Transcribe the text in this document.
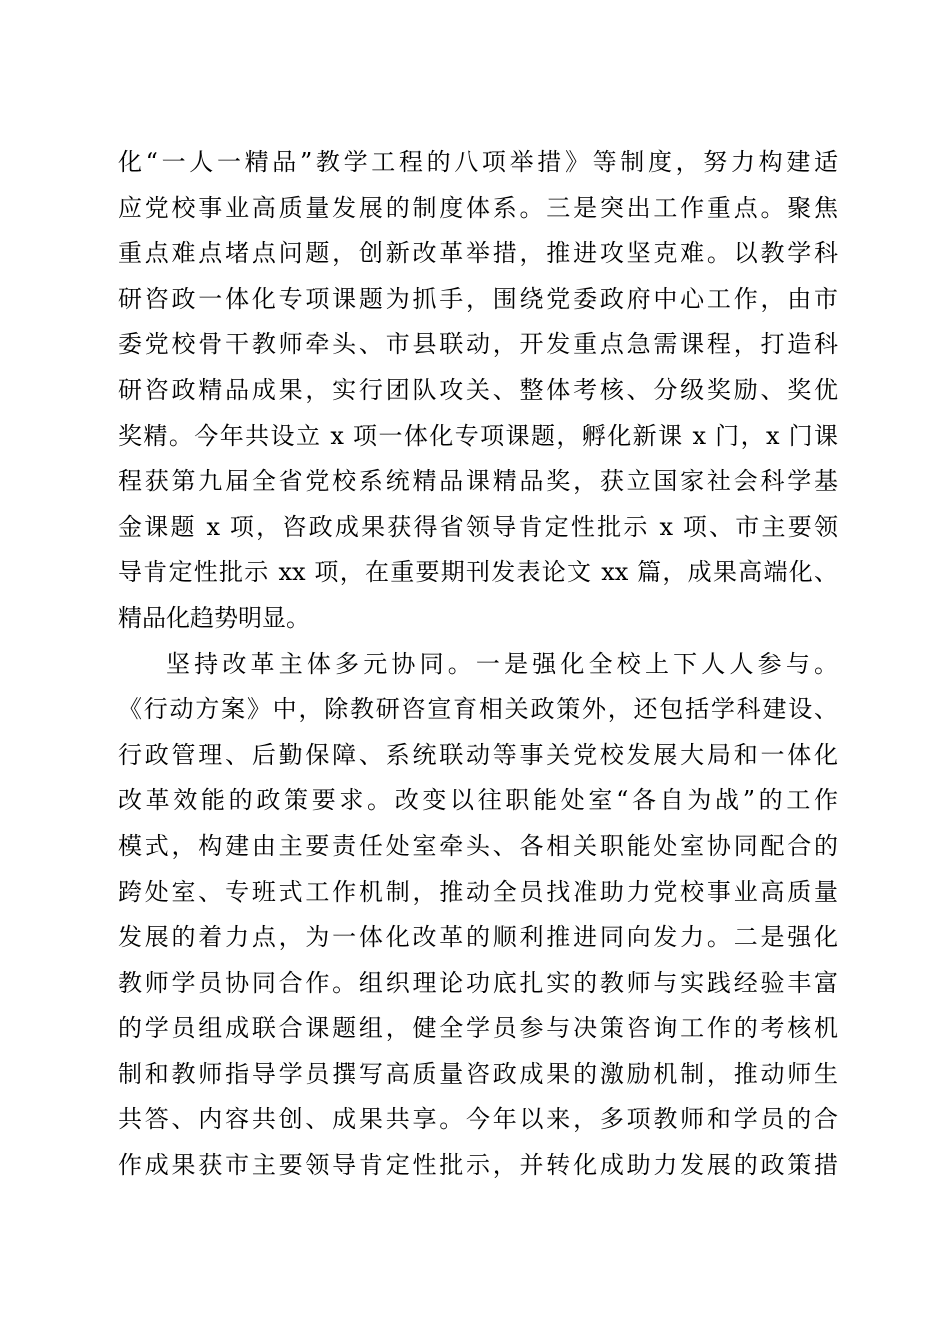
化“一人一精品”教学工程的八项举措》等制度，努力构建适
应党校事业高质量发展的制度体系。三是突出工作重点。聚焦
重点难点堵点问题，创新改革举措，推进攻坚克难。以教学科
研咨政一体化专项课题为抓手，围绕党委政府中心工作，由市
委党校骨干教师牵头、市县联动，开发重点急需课程，打造科
研咨政精品成果，实行团队攻关、整体考核、分级奖励、奖优
奖精。今年共设立 x 项一体化专项课题，孵化新课 x 门，x 门课
程获第九届全省党校系统精品课精品奖，获立国家社会科学基
金课题 x 项，咨政成果获得省领导肯定性批示 x 项、市主要领
导肯定性批示 xx 项，在重要期刊发表论文 xx 篇，成果高端化、
精品化趋势明显。
坚持改革主体多元协同。一是强化全校上下人人参与。
《行动方案》中，除教研咨宣育相关政策外，还包括学科建设、
行政管理、后勤保障、系统联动等事关党校发展大局和一体化
改革效能的政策要求。改变以往职能处室“各自为战”的工作
模式，构建由主要责任处室牵头、各相关职能处室协同配合的
跨处室、专班式工作机制，推动全员找准助力党校事业高质量
发展的着力点，为一体化改革的顺利推进同向发力。二是强化
教师学员协同合作。组织理论功底扎实的教师与实践经验丰富
的学员组成联合课题组，健全学员参与决策咨询工作的考核机
制和教师指导学员撰写高质量咨政成果的激励机制，推动师生
共答、内容共创、成果共享。今年以来，多项教师和学员的合
作成果获市主要领导肯定性批示，并转化成助力发展的政策措
